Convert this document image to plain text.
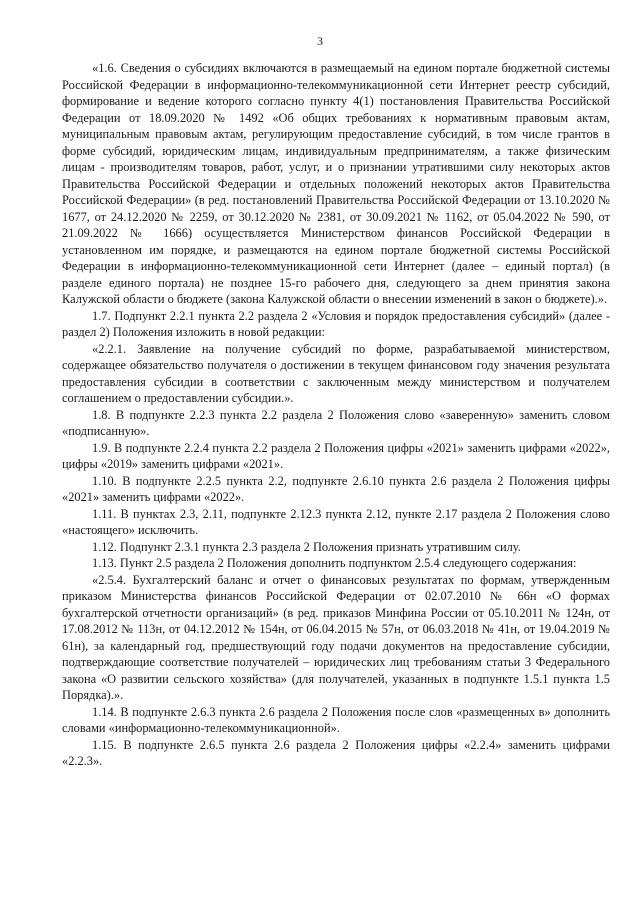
3

«1.6. Сведения о субсидиях включаются в размещаемый на едином портале бюджетной системы Российской Федерации в информационно-телекоммуникационной сети Интернет реестр субсидий, формирование и ведение которого согласно пункту 4(1) постановления Правительства Российской Федерации от 18.09.2020 № 1492 «Об общих требованиях к нормативным правовым актам, муниципальным правовым актам, регулирующим предоставление субсидий, в том числе грантов в форме субсидий, юридическим лицам, индивидуальным предпринимателям, а также физическим лицам - производителям товаров, работ, услуг, и о признании утратившими силу некоторых актов Правительства Российской Федерации и отдельных положений некоторых актов Правительства Российской Федерации» (в ред. постановлений Правительства Российской Федерации от 13.10.2020 № 1677, от 24.12.2020 № 2259, от 30.12.2020 № 2381, от 30.09.2021 № 1162, от 05.04.2022 № 590, от 21.09.2022 № 1666) осуществляется Министерством финансов Российской Федерации в установленном им порядке, и размещаются на едином портале бюджетной системы Российской Федерации в информационно-телекоммуникационной сети Интернет (далее – единый портал) (в разделе единого портала) не позднее 15-го рабочего дня, следующего за днем принятия закона Калужской области о бюджете (закона Калужской области о внесении изменений в закон о бюджете).».

1.7. Подпункт 2.2.1 пункта 2.2 раздела 2 «Условия и порядок предоставления субсидий» (далее - раздел 2) Положения изложить в новой редакции:

«2.2.1. Заявление на получение субсидий по форме, разрабатываемой министерством, содержащее обязательство получателя о достижении в текущем финансовом году значения результата предоставления субсидии в соответствии с заключенным между министерством и получателем соглашением о предоставлении субсидии.».

1.8. В подпункте 2.2.3 пункта 2.2 раздела 2 Положения слово «заверенную» заменить словом «подписанную».

1.9. В подпункте 2.2.4 пункта 2.2 раздела 2 Положения цифры «2021» заменить цифрами «2022», цифры «2019» заменить цифрами «2021».

1.10. В подпункте 2.2.5 пункта 2.2, подпункте 2.6.10 пункта 2.6 раздела 2 Положения цифры «2021» заменить цифрами «2022».

1.11. В пунктах 2.3, 2.11, подпункте 2.12.3 пункта 2.12, пункте 2.17 раздела 2 Положения слово «настоящего» исключить.

1.12. Подпункт 2.3.1 пункта 2.3 раздела 2 Положения признать утратившим силу.

1.13. Пункт 2.5 раздела 2 Положения дополнить подпунктом 2.5.4 следующего содержания:

«2.5.4. Бухгалтерский баланс и отчет о финансовых результатах по формам, утвержденным приказом Министерства финансов Российской Федерации от 02.07.2010 № 66н «О формах бухгалтерской отчетности организаций» (в ред. приказов Минфина России от 05.10.2011 № 124н, от 17.08.2012 № 113н, от 04.12.2012 № 154н, от 06.04.2015 № 57н, от 06.03.2018 № 41н, от 19.04.2019 № 61н), за календарный год, предшествующий году подачи документов на предоставление субсидии, подтверждающие соответствие получателей – юридических лиц требованиям статьи 3 Федерального закона «О развитии сельского хозяйства» (для получателей, указанных в подпункте 1.5.1 пункта 1.5 Порядка).».

1.14. В подпункте 2.6.3 пункта 2.6 раздела 2 Положения после слов «размещенных в» дополнить словами «информационно-телекоммуникационной».

1.15. В подпункте 2.6.5 пункта 2.6 раздела 2 Положения цифры «2.2.4» заменить цифрами «2.2.3».
